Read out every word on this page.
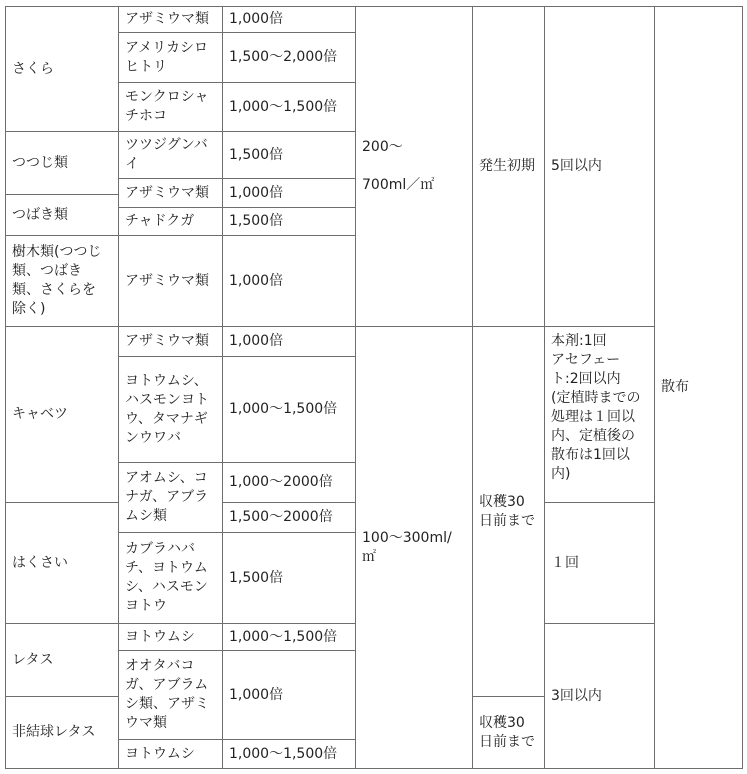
さくら
つつじ類
つばき類
樹木類(つつじ
類、つばき
類、さくらを
除く)
キャベツ
はくさい
レタス
非結球レタス
アザミウマ類
アメリカシロ
ヒトリ
モンクロシャ
チホコ
ツツジグンバ
イ
アザミウマ類
チャドクガ
アザミウマ類
アザミウマ類
ヨトウムシ、
ハスモンヨト
ウ、タマナギ
ンウワバ
アオムシ、コ
ナガ、アブラ
ムシ類
カブラハバ
チ、ヨトウム
シ、ハスモン
ヨトウ
ヨトウムシ
オオタバコ
ガ、アブラム
シ類、アザミ
ウマ類
ヨトウムシ
1,000倍
1,500～2,000倍
1,000～1,500倍
1,500倍
1,000倍
1,500倍
1,000倍
1,000倍
1,000～1,500倍
1,000～2000倍
1,500～2000倍
1,500倍
1,000～1,500倍
1,000倍
1,000～1,500倍
200～

700ml／㎡
100～300ml/
㎡
発生初期
収穫30
日前まで
収穫30
日前まで
5回以内
本剤:1回
アセフェー
ト:2回以内
(定植時までの
処理は１回以
内、定植後の
散布は1回以
内)
１回
3回以内
散布
